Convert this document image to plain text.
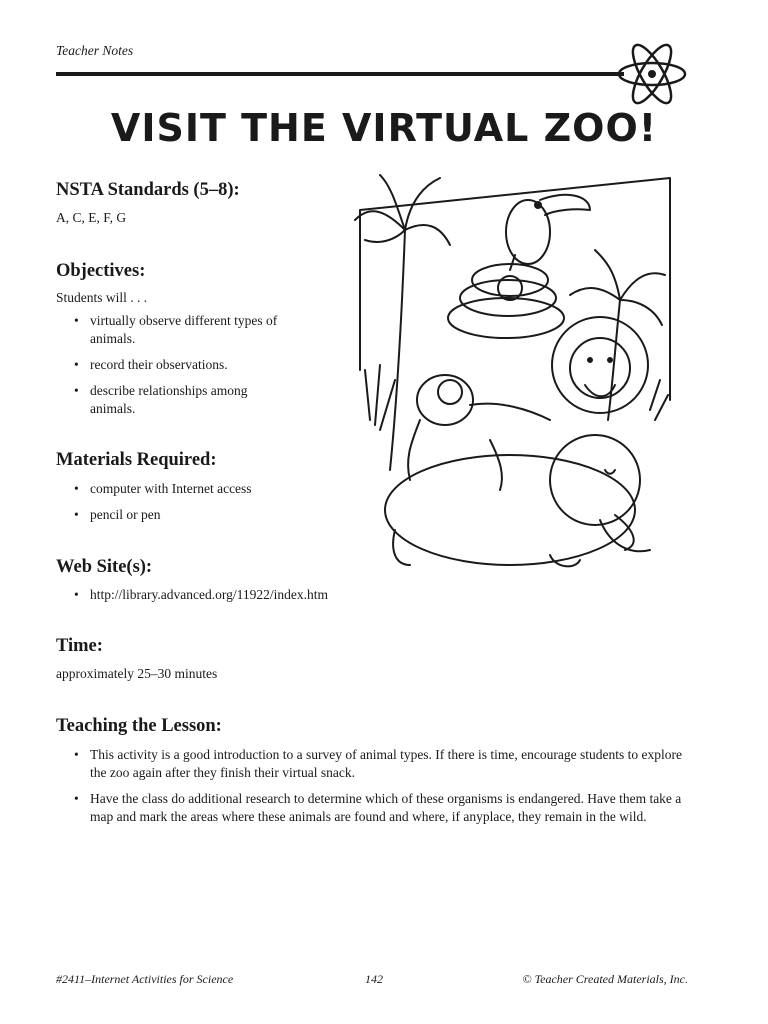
Teacher Notes
VISIT THE VIRTUAL ZOO!
NSTA Standards (5–8):
A, C, E, F, G
Objectives:
Students will . . .
• virtually observe different types of animals.
• record their observations.
• describe relationships among animals.
Materials Required:
• computer with Internet access
• pencil or pen
Web Site(s):
• http://library.advanced.org/11922/index.htm
Time:
approximately 25–30 minutes
Teaching the Lesson:
• This activity is a good introduction to a survey of animal types. If there is time, encourage students to explore the zoo again after they finish their virtual snack.
• Have the class do additional research to determine which of these organisms is endangered. Have them take a map and mark the areas where these animals are found and where, if anyplace, they remain in the wild.
#2411–Internet Activities for Science	142	© Teacher Created Materials, Inc.
